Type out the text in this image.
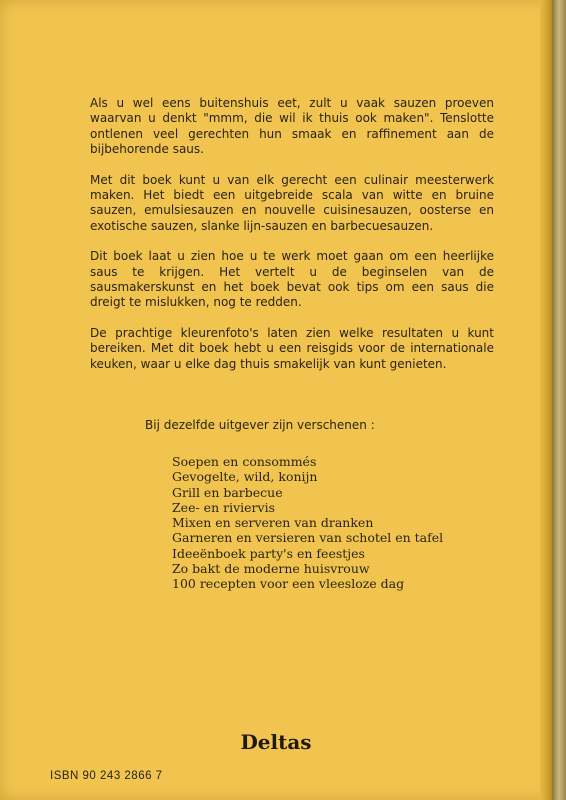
Als u wel eens buitenshuis eet, zult u vaak sauzen proeven waarvan u denkt "mmm, die wil ik thuis ook maken". Tenslotte ontlenen veel gerechten hun smaak en raffinement aan de bijbehorende saus.

Met dit boek kunt u van elk gerecht een culinair meesterwerk maken. Het biedt een uitgebreide scala van witte en bruine sauzen, emulsiesauzen en nouvelle cuisinesauzen, oosterse en exotische sauzen, slanke lijn-sauzen en barbecuesauzen.

Dit boek laat u zien hoe u te werk moet gaan om een heerlijke saus te krijgen. Het vertelt u de beginselen van de sausmakerskunst en het boek bevat ook tips om een saus die dreigt te mislukken, nog te redden.

De prachtige kleurenfoto's laten zien welke resultaten u kunt bereiken. Met dit boek hebt u een reisgids voor de internationale keuken, waar u elke dag thuis smakelijk van kunt genieten.

Bij dezelfde uitgever zijn verschenen :
Soepen en consommés
Gevogelte, wild, konijn
Grill en barbecue
Zee- en riviervis
Mixen en serveren van dranken
Garneren en versieren van schotel en tafel
Ideeënboek party's en feestjes
Zo bakt de moderne huisvrouw
100 recepten voor een vleesloze dag
Deltas
ISBN 90 243 2866 7
